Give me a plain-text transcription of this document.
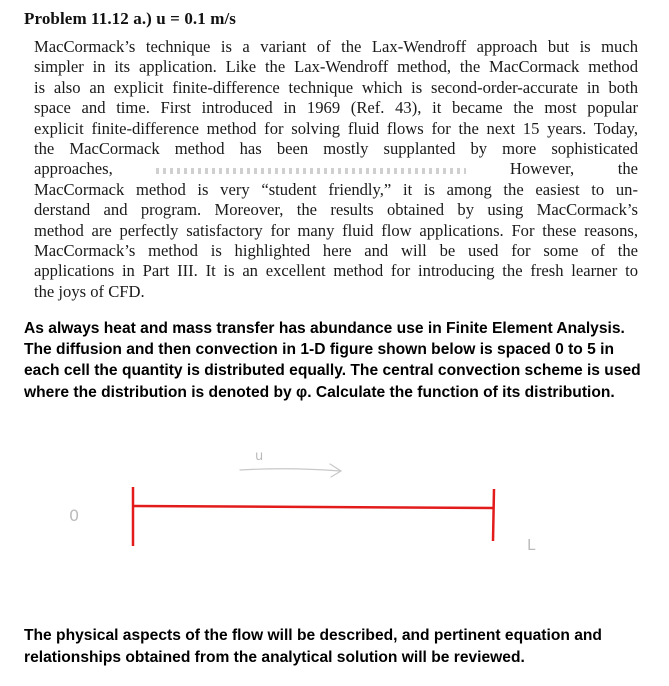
Problem 11.12 a.) u = 0.1 m/s
MacCormack’s technique is a variant of the Lax-Wendroff approach but is much
simpler in its application. Like the Lax-Wendroff method, the MacCormack method
is also an explicit finite-difference technique which is second-order-accurate in both
space and time. First introduced in 1969 (Ref. 43), it became the most popular
explicit finite-difference method for solving fluid flows for the next 15 years. Today,
the MacCormack method has been mostly supplanted by more sophisticated
approaches,	However, the
MacCormack method is very “student friendly,” it is among the easiest to un-
derstand and program. Moreover, the results obtained by using MacCormack’s
method are perfectly satisfactory for many fluid flow applications. For these reasons,
MacCormack’s method is highlighted here and will be used for some of the
applications in Part III. It is an excellent method for introducing the fresh learner to
the joys of CFD.
As always heat and mass transfer has abundance use in Finite Element Analysis. The diffusion and then convection in 1-D figure shown below is spaced 0 to 5 in each cell the quantity is distributed equally. The central convection scheme is used where the distribution is denoted by φ. Calculate the function of its distribution.
u
0
L
The physical aspects of the flow will be described, and pertinent equation and relationships obtained from the analytical solution will be reviewed.
